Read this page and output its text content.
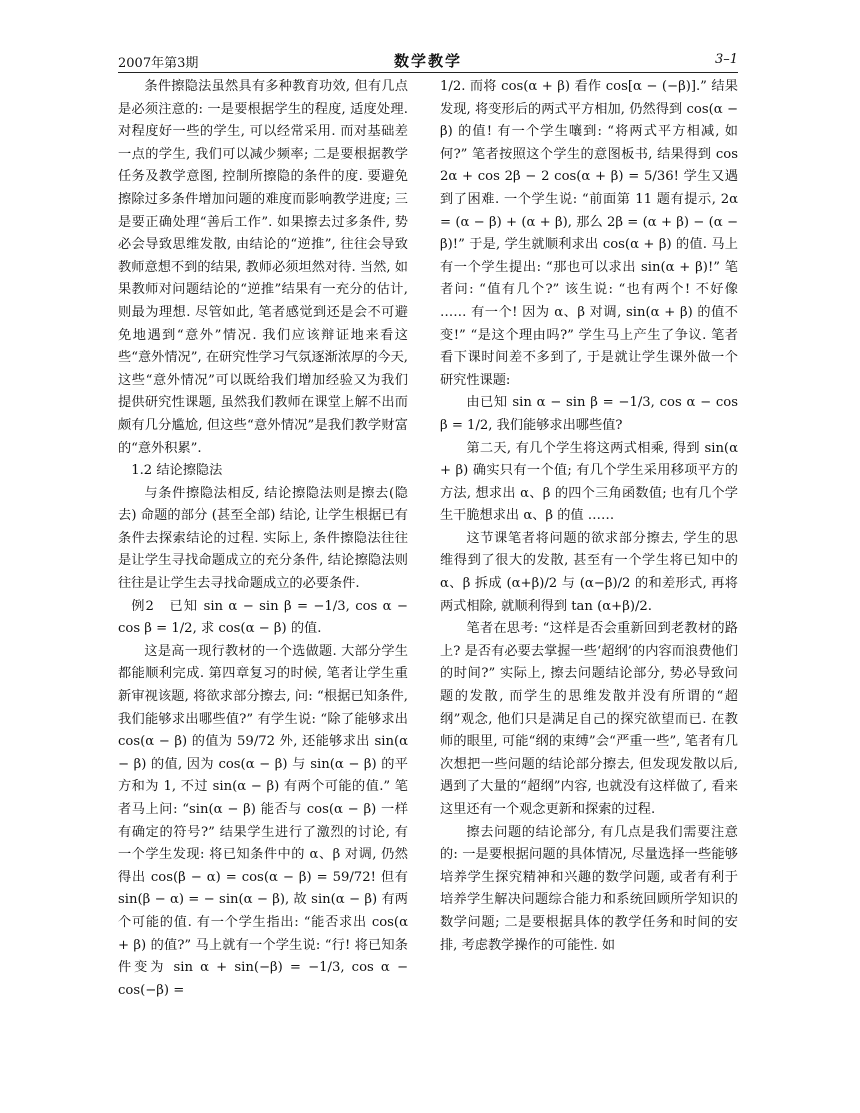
2007年第3期	数学教学	3–1

条件擦隐法虽然具有多种教育功效, 但有几点是必须注意的: 一是要根据学生的程度, 适度处理. 对程度好一些的学生, 可以经常采用. 而对基础差一点的学生, 我们可以减少频率; 二是要根据教学任务及教学意图, 控制所擦隐的条件的度. 要避免擦除过多条件增加问题的难度而影响教学进度; 三是要正确处理“善后工作”. 如果擦去过多条件, 势必会导致思维发散, 由结论的“逆推”, 往往会导致教师意想不到的结果, 教师必须坦然对待. 当然, 如果教师对问题结论的“逆推”结果有一充分的估计,则最为理想. 尽管如此, 笔者感觉到还是会不可避免地遇到“意外”情况. 我们应该辩证地来看这些“意外情况”, 在研究性学习气氛逐渐浓厚的今天, 这些“意外情况”可以既给我们增加经验又为我们提供研究性课题, 虽然我们教师在课堂上解不出而颇有几分尴尬, 但这些“意外情况”是我们教学财富的“意外积累”.

1.2 结论擦隐法

与条件擦隐法相反, 结论擦隐法则是擦去(隐去) 命题的部分 (甚至全部) 结论, 让学生根据已有条件去探索结论的过程. 实际上, 条件擦隐法往往是让学生寻找命题成立的充分条件, 结论擦隐法则往往是让学生去寻找命题成立的必要条件.

例2　已知 sin α − sin β = −1/3, cos α − cos β = 1/2, 求 cos(α − β) 的值.

这是高一现行教材的一个选做题. 大部分学生都能顺利完成. 第四章复习的时候, 笔者让学生重新审视该题, 将欲求部分擦去, 问: “根据已知条件, 我们能够求出哪些值?” 有学生说: “除了能够求出 cos(α − β) 的值为 59/72 外, 还能够求出 sin(α − β) 的值, 因为 cos(α − β) 与 sin(α − β) 的平方和为 1, 不过 sin(α − β) 有两个可能的值.” 笔者马上问: “sin(α − β) 能否与 cos(α − β) 一样有确定的符号?” 结果学生进行了激烈的讨论, 有一个学生发现: 将已知条件中的 α、β 对调, 仍然得出 cos(β − α) = cos(α − β) = 59/72! 但有 sin(β − α) = − sin(α − β), 故 sin(α − β) 有两个可能的值. 有一个学生指出: “能否求出 cos(α + β) 的值?” 马上就有一个学生说: “行! 将已知条件变为 sin α + sin(−β) = −1/3, cos α − cos(−β) =

1/2. 而将 cos(α + β) 看作 cos[α − (−β)].” 结果发现, 将变形后的两式平方相加, 仍然得到 cos(α − β) 的值! 有一个学生嚷到: “将两式平方相减, 如何?” 笔者按照这个学生的意图板书, 结果得到 cos 2α + cos 2β − 2 cos(α + β) = 5/36! 学生又遇到了困难. 一个学生说: “前面第 11 题有提示, 2α = (α − β) + (α + β), 那么 2β = (α + β) − (α − β)!” 于是, 学生就顺利求出 cos(α + β) 的值. 马上有一个学生提出: “那也可以求出 sin(α + β)!” 笔者问: “值有几个?” 该生说: “也有两个! 不好像 …… 有一个! 因为 α、β 对调, sin(α + β) 的值不变!” “是这个理由吗?” 学生马上产生了争议. 笔者看下课时间差不多到了, 于是就让学生课外做一个研究性课题:

由已知 sin α − sin β = −1/3, cos α − cos β = 1/2, 我们能够求出哪些值?

第二天, 有几个学生将这两式相乘, 得到 sin(α + β) 确实只有一个值; 有几个学生采用移项平方的方法, 想求出 α、β 的四个三角函数值; 也有几个学生干脆想求出 α、β 的值 ……

这节课笔者将问题的欲求部分擦去, 学生的思维得到了很大的发散, 甚至有一个学生将已知中的 α、β 拆成 (α+β)/2 与 (α−β)/2 的和差形式, 再将两式相除, 就顺利得到 tan (α+β)/2.

笔者在思考: “这样是否会重新回到老教材的路上? 是否有必要去掌握一些‘超纲’的内容而浪费他们的时间?” 实际上, 擦去问题结论部分, 势必导致问题的发散, 而学生的思维发散并没有所谓的“超纲”观念, 他们只是满足自己的探究欲望而已. 在教师的眼里, 可能“纲的束缚”会“严重一些”, 笔者有几次想把一些问题的结论部分擦去, 但发现发散以后,遇到了大量的“超纲”内容, 也就没有这样做了, 看来这里还有一个观念更新和探索的过程.

擦去问题的结论部分, 有几点是我们需要注意的: 一是要根据问题的具体情况, 尽量选择一些能够培养学生探究精神和兴趣的数学问题, 或者有利于培养学生解决问题综合能力和系统回顾所学知识的数学问题; 二是要根据具体的教学任务和时间的安排, 考虑教学操作的可能性. 如
